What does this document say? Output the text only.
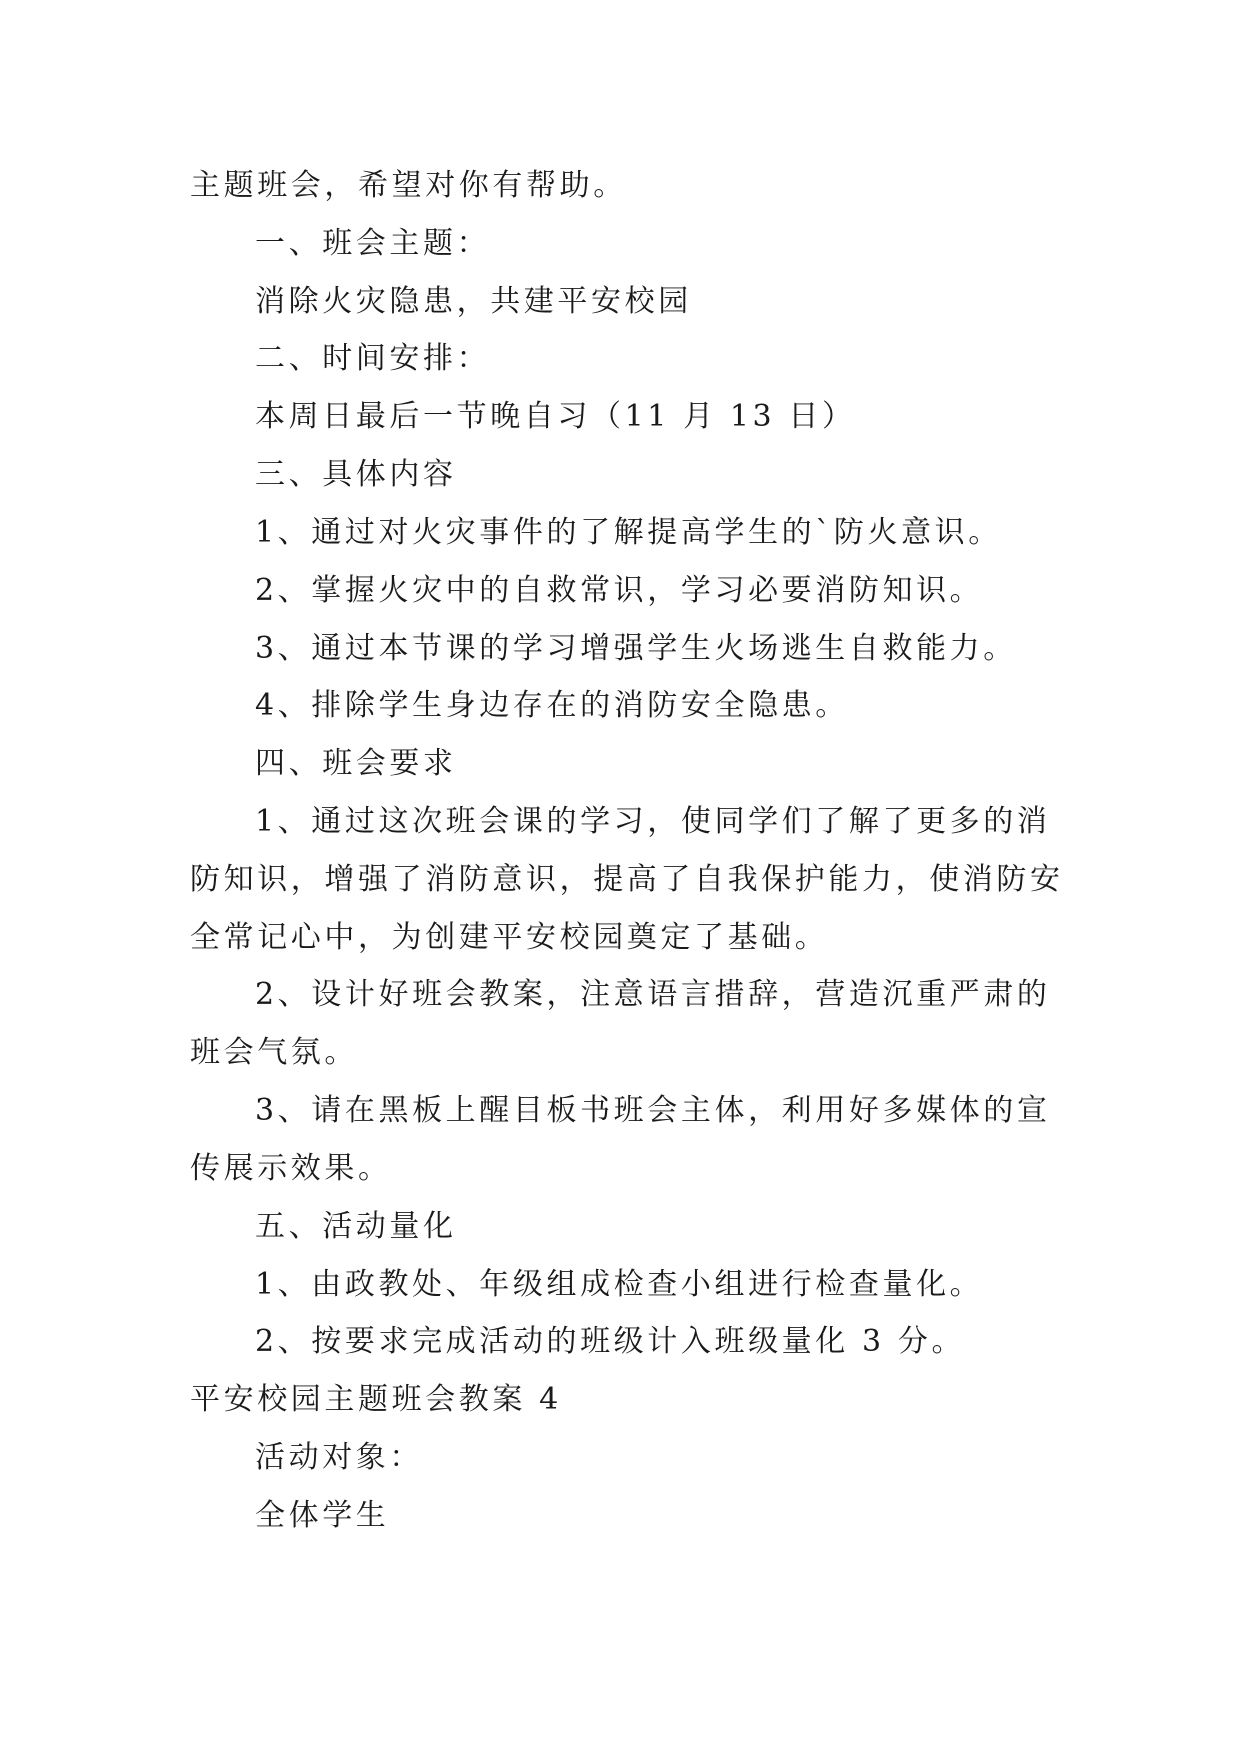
主题班会，希望对你有帮助。
一、班会主题：
消除火灾隐患，共建平安校园
二、时间安排：
本周日最后一节晚自习（11 月 13 日）
三、具体内容
1、通过对火灾事件的了解提高学生的`防火意识。
2、掌握火灾中的自救常识，学习必要消防知识。
3、通过本节课的学习增强学生火场逃生自救能力。
4、排除学生身边存在的消防安全隐患。
四、班会要求
1、通过这次班会课的学习，使同学们了解了更多的消
防知识，增强了消防意识，提高了自我保护能力，使消防安
全常记心中，为创建平安校园奠定了基础。
2、设计好班会教案，注意语言措辞，营造沉重严肃的
班会气氛。
3、请在黑板上醒目板书班会主体，利用好多媒体的宣
传展示效果。
五、活动量化
1、由政教处、年级组成检查小组进行检查量化。
2、按要求完成活动的班级计入班级量化 3 分。
平安校园主题班会教案 4
活动对象：
全体学生
